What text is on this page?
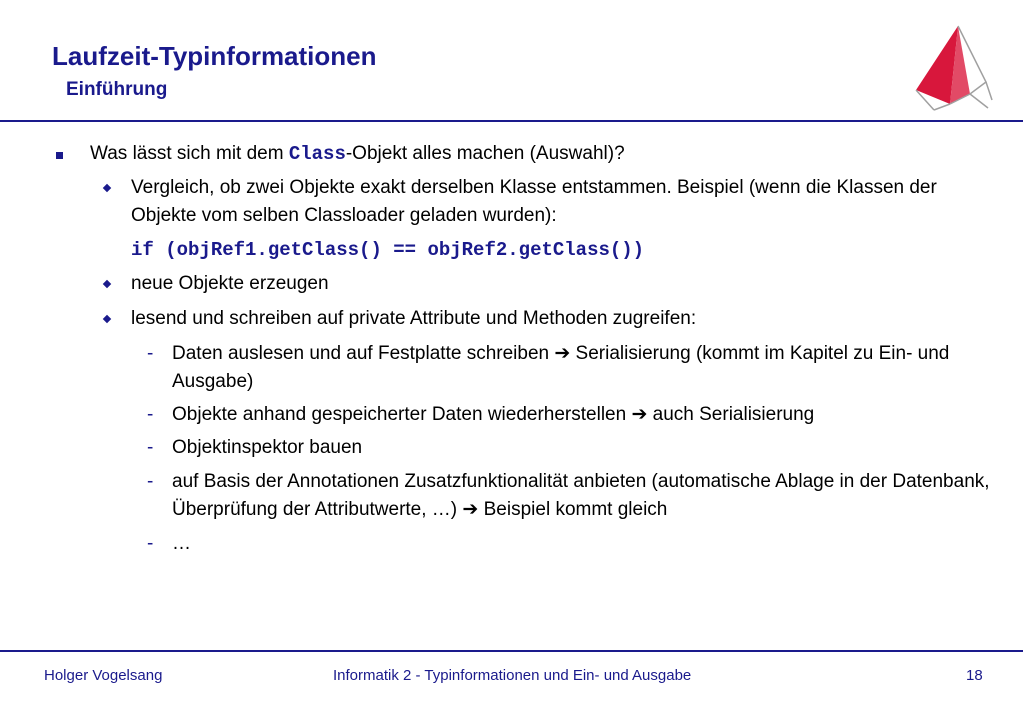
Laufzeit-Typinformationen
Einführung
Was lässt sich mit dem Class-Objekt alles machen (Auswahl)?
Vergleich, ob zwei Objekte exakt derselben Klasse entstammen. Beispiel (wenn die Klassen der Objekte vom selben Classloader geladen wurden):
if (objRef1.getClass() == objRef2.getClass())
neue Objekte erzeugen
lesend und schreiben auf private Attribute und Methoden zugreifen:
- Daten auslesen und auf Festplatte schreiben ➔ Serialisierung (kommt im Kapitel zu Ein- und Ausgabe)
- Objekte anhand gespeicherter Daten wiederherstellen ➔ auch Serialisierung
- Objektinspektor bauen
- auf Basis der Annotationen Zusatzfunktionalität anbieten (automatische Ablage in der Datenbank, Überprüfung der Attributwerte, …) ➔ Beispiel kommt gleich
- …
Holger Vogelsang	Informatik 2 - Typinformationen und Ein- und Ausgabe	18
